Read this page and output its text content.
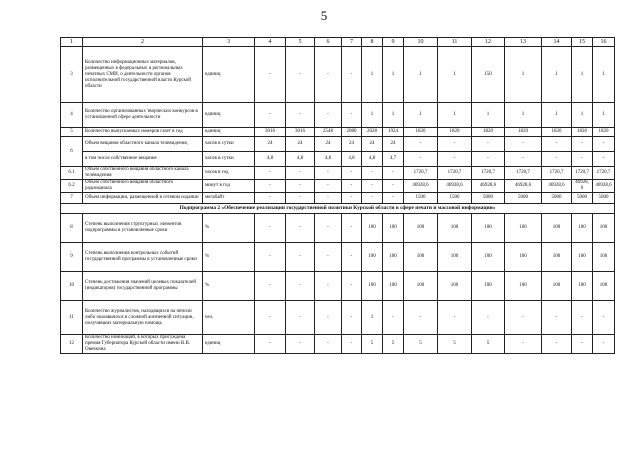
5
1	2	3	4	5	6	7	8	9	10	11	12	13	14	15	16
3	Количество информационных материалов, размещенных в федеральных и региональных печатных СМИ, о деятельности органов исполнительной государственной власти Курской области	единиц	-	-	-	-	1	1	1	1	150	1	1	1	1
4	Количество организованных творческих конкурсов в установленной сфере деятельности	единиц	-	-	-	-	1	1	1	1	1	1	1	1	1
5	Количество выпускаемых номеров газет в год	единиц	3016	3016	2548	2080	2028	1924	1820	1820	1820	1820	1820	1820	1820
6	Объем вещания областного канала телевидения,	часов в сутки	24	24	24	24	24	24	-	-	-	-	-	-	-
	в том числе собственное вещание	часов в сутки	4,8	4,8	4,8	4,8	4,8	4,7	-	-	-	-	-	-	-
6.1	Объем собственного вещания областного канала телевидения	часов в год	-	-	-	-	-	-	1720,7	1720,7	1720,7	1720,7	1720,7	1720,7	1720,7
6.2	Объем собственного вещания областного радиоканала	минут в год	-	-	-	-	-	-	46928,6	46928,6	46928,6	46928,6	46928,6	46928,6	46928,6
7	Объем информации, размещенной в сетевом издании	мегабайт	-	-	-	-	-	-	1500	1500	5000	5000	5000	5000	5000
Подпрограмма 2 «Обеспечение реализации государственной политики Курской области в сфере печати и массовой информации»															
8	Степень выполнения структурных элементов подпрограммы в установленные сроки	%	-	-	-	-	100	100	100	100	100	100	100	100	100
9	Степень выполнения контрольных событий государственной программы в установленные сроки	%	-	-	-	-	100	100	100	100	100	100	100	100	100
10	Степень достижения значений целевых показателей (индикаторов) государственной программы	%	-	-	-	-	100	100	100	100	100	100	100	100	100
11	Количество журналистов, находящихся на пенсии либо оказавшихся в сложной жизненной ситуации, получивших материальную помощь	чел.	-	-	-	-	1	-	-	-	-	-	-	-	-
12	Количество номинаций, в которых присуждена премия Губернатора Курской области имени В.В. Овечкина	единиц	-	-	-	-	5	5	5	5	5	-	-	-	-
